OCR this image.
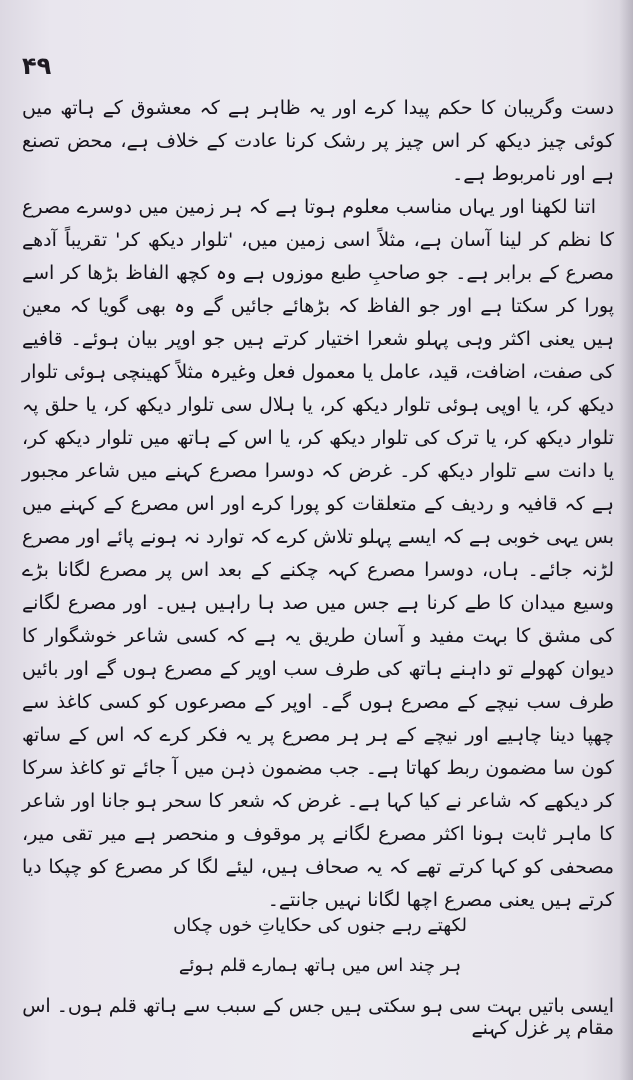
۴۹

دست وگریبان کا حکم پیدا کرے اور یہ ظاہر ہے کہ معشوق کے ہاتھ میں کوئی چیز دیکھ کر اس چیز پر رشک کرنا عادت کے خلاف ہے، محض تصنع ہے اور نامربوط ہے۔

اتنا لکھنا اور یہاں مناسب معلوم ہوتا ہے کہ ہر زمین میں دوسرے مصرع کا نظم کر لینا آسان ہے، مثلاً اسی زمین میں، 'تلوار دیکھ کر' تقریباً آدھے مصرع کے برابر ہے۔ جو صاحبِ طبع موزوں ہے وہ کچھ الفاظ بڑھا کر اسے پورا کر سکتا ہے اور جو الفاظ کہ بڑھائے جائیں گے وہ بھی گویا کہ معین ہیں یعنی اکثر وہی پہلو شعرا اختیار کرتے ہیں جو اوپر بیان ہوئے۔ قافیے کی صفت، اضافت، قید، عامل یا معمول فعل وغیرہ مثلاً کھینچی ہوئی تلوار دیکھ کر، یا اوپی ہوئی تلوار دیکھ کر، یا ہلال سی تلوار دیکھ کر، یا حلق پہ تلوار دیکھ کر، یا ترک کی تلوار دیکھ کر، یا اس کے ہاتھ میں تلوار دیکھ کر، یا دانت سے تلوار دیکھ کر۔ غرض کہ دوسرا مصرع کہنے میں شاعر مجبور ہے کہ قافیہ و ردیف کے متعلقات کو پورا کرے اور اس مصرع کے کہنے میں بس یہی خوبی ہے کہ ایسے پہلو تلاش کرے کہ توارد نہ ہونے پائے اور مصرع لڑنہ جائے۔ ہاں، دوسرا مصرع کہہ چکنے کے بعد اس پر مصرع لگانا بڑے وسیع میدان کا طے کرنا ہے جس میں صد ہا راہیں ہیں۔ اور مصرع لگانے کی مشق کا بہت مفید و آسان طریق یہ ہے کہ کسی شاعر خوشگوار کا دیوان کھولے تو داہنے ہاتھ کی طرف سب اوپر کے مصرع ہوں گے اور بائیں طرف سب نیچے کے مصرع ہوں گے۔ اوپر کے مصرعوں کو کسی کاغذ سے چھپا دینا چاہیے اور نیچے کے ہر ہر مصرع پر یہ فکر کرے کہ اس کے ساتھ کون سا مضمون ربط کھاتا ہے۔ جب مضمون ذہن میں آ جائے تو کاغذ سرکا کر دیکھے کہ شاعر نے کیا کہا ہے۔ غرض کہ شعر کا سحر ہو جانا اور شاعر کا ماہر ثابت ہونا اکثر مصرع لگانے پر موقوف و منحصر ہے میر تقی میر، مصحفی کو کہا کرتے تھے کہ یہ صحاف ہیں، لیئے لگا کر مصرع کو چپکا دیا کرتے ہیں یعنی مصرع اچھا لگانا نہیں جانتے۔

لکھتے رہے جنوں کی حکایاتِ خوں چکاں
ہر چند اس میں ہاتھ ہمارے قلم ہوئے
ایسی باتیں بہت سی ہو سکتی ہیں جس کے سبب سے ہاتھ قلم ہوں۔ اس مقام پر غزل کہنے
